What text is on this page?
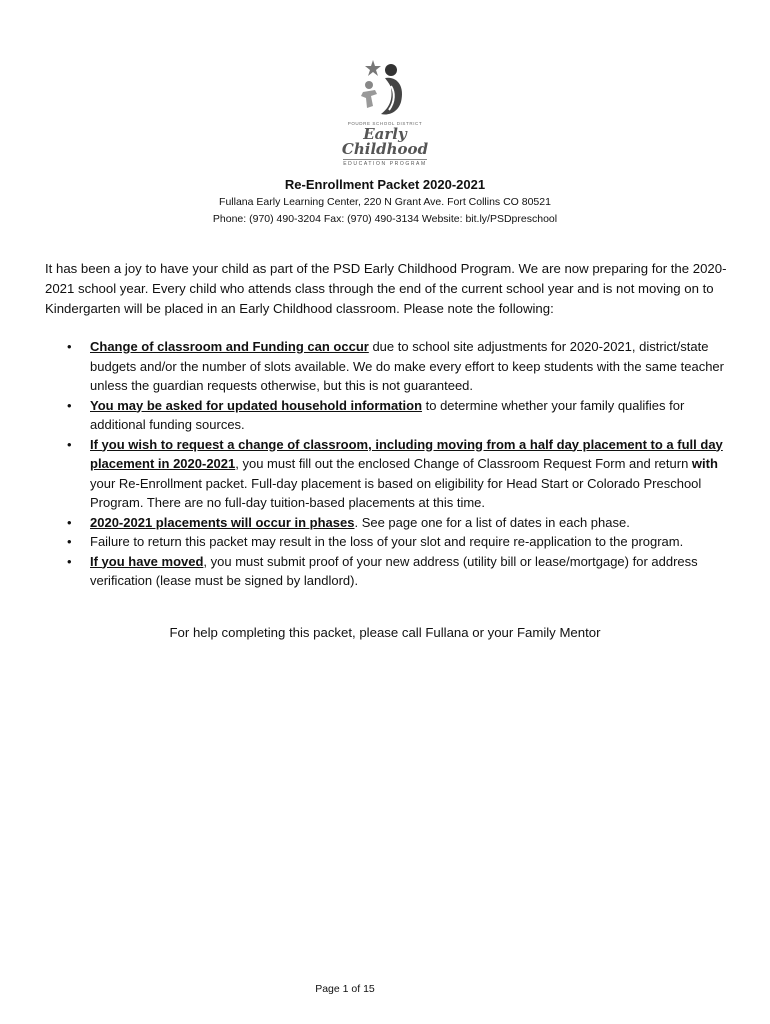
POUDRE SCHOOL DISTRICT
Early Childhood
EDUCATION PROGRAM
Re-Enrollment Packet 2020-2021
Fullana Early Learning Center, 220 N Grant Ave. Fort Collins CO 80521
Phone: (970) 490-3204 Fax: (970) 490-3134 Website: bit.ly/PSDpreschool

It has been a joy to have your child as part of the PSD Early Childhood Program. We are now preparing for the 2020-2021 school year. Every child who attends class through the end of the current school year and is not moving on to Kindergarten will be placed in an Early Childhood classroom. Please note the following:

• Change of classroom and Funding can occur due to school site adjustments for 2020-2021, district/state budgets and/or the number of slots available. We do make every effort to keep students with the same teacher unless the guardian requests otherwise, but this is not guaranteed.
• You may be asked for updated household information to determine whether your family qualifies for additional funding sources.
• If you wish to request a change of classroom, including moving from a half day placement to a full day placement in 2020-2021, you must fill out the enclosed Change of Classroom Request Form and return with your Re-Enrollment packet. Full-day placement is based on eligibility for Head Start or Colorado Preschool Program. There are no full-day tuition-based placements at this time.
• 2020-2021 placements will occur in phases. See page one for a list of dates in each phase.
• Failure to return this packet may result in the loss of your slot and require re-application to the program.
• If you have moved, you must submit proof of your new address (utility bill or lease/mortgage) for address verification (lease must be signed by landlord).
For help completing this packet, please call Fullana or your Family Mentor
Page 1 of 15
